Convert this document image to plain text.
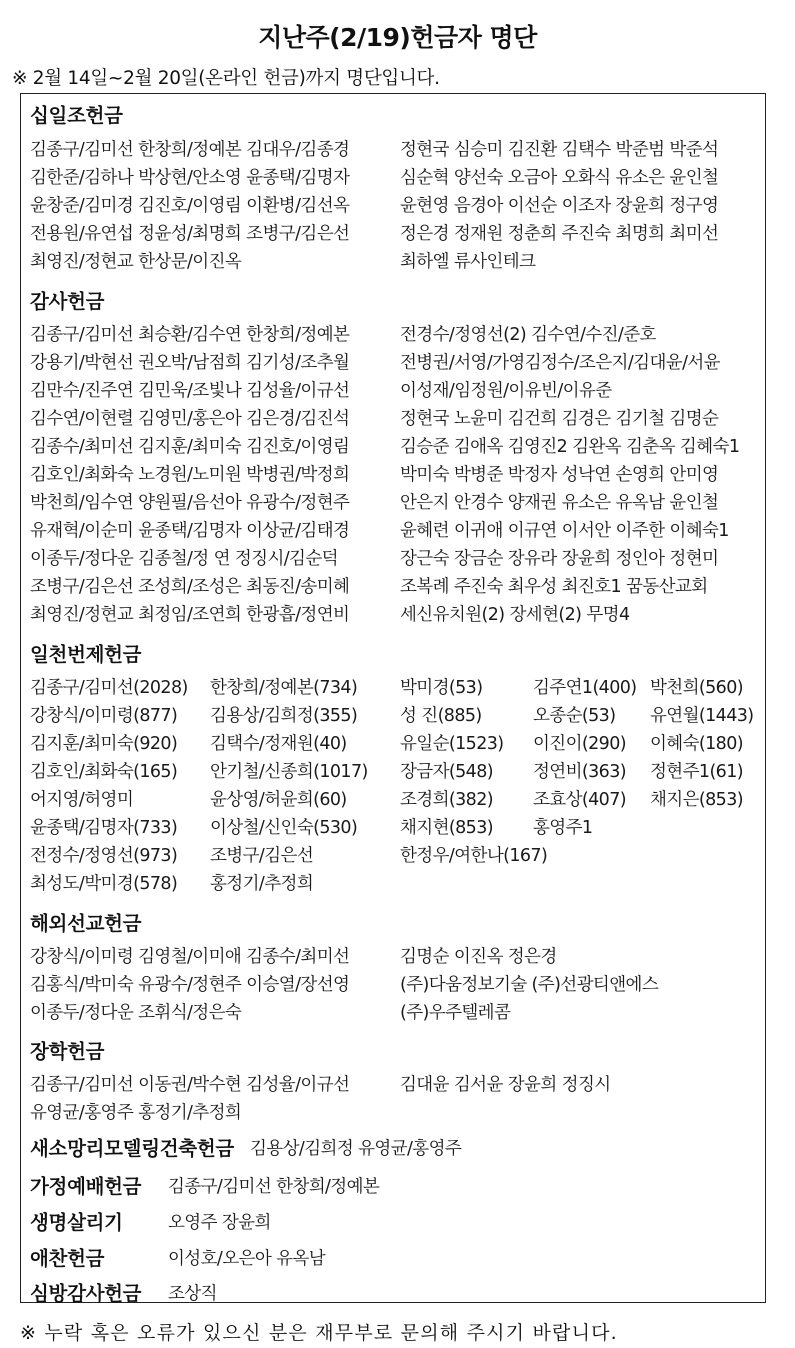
지난주(2/19)헌금자 명단
※ 2월 14일~2월 20일(온라인 헌금)까지 명단입니다.
십일조헌금
김종구/김미선 한창희/정예본 김대우/김종경	정현국 심승미 김진환 김택수 박준범 박준석
김한준/김하나 박상현/안소영 윤종택/김명자	심순혁 양선숙 오금아 오화식 유소은 윤인철
윤창준/김미경 김진호/이영림 이환병/김선옥	윤현영 음경아 이선순 이조자 장윤희 정구영
전용원/유연섭 정윤성/최명희 조병구/김은선	정은경 정재원 정춘희 주진숙 최명희 최미선
최영진/정현교 한상문/이진옥	최하엘 류사인테크
감사헌금
김종구/김미선 최승환/김수연 한창희/정예본	전경수/정영선(2) 김수연/수진/준호
강용기/박현선 권오박/남점희 김기성/조추월	전병권/서영/가영김정수/조은지/김대윤/서윤
김만수/진주연 김민욱/조빛나 김성율/이규선	이성재/임정원/이유빈/이유준
김수연/이현렬 김영민/홍은아 김은경/김진석	정현국 노윤미 김건희 김경은 김기철 김명순
김종수/최미선 김지훈/최미숙 김진호/이영림	김승준 김애옥 김영진2 김완옥 김춘옥 김혜숙1
김호인/최화숙 노경원/노미원 박병권/박정희	박미숙 박병준 박정자 성낙연 손영희 안미영
박천희/임수연 양원필/음선아 유광수/정현주	안은지 안경수 양재권 유소은 유옥남 윤인철
유재혁/이순미 윤종택/김명자 이상균/김태경	윤혜련 이귀애 이규연 이서안 이주한 이혜숙1
이종두/정다운 김종철/정 연 정징시/김순덕	장근숙 장금순 장유라 장윤희 정인아 정현미
조병구/김은선 조성희/조성은 최동진/송미혜	조복례 주진숙 최우성 최진호1 꿈동산교회
최영진/정현교 최정임/조연희 한광흡/정연비	세신유치원(2) 장세현(2) 무명4
일천번제헌금
김종구/김미선(2028) 한창희/정예본(734) 박미경(53)	김주연1(400) 박천희(560)
강창식/이미령(877) 김용상/김희정(355) 성 진(885)	오종순(53) 유연월(1443)
김지훈/최미숙(920) 김택수/정재원(40)	유일순(1523) 이진이(290) 이혜숙(180)
김호인/최화숙(165) 안기철/신종희(1017) 장금자(548) 정연비(363) 정현주1(61)
어지영/허영미	윤상영/허윤희(60)	조경희(382) 조효상(407) 채지은(853)
윤종택/김명자(733) 이상철/신인숙(530) 채지현(853) 홍영주1
전정수/정영선(973) 조병구/김은선	한정우/여한나(167)
최성도/박미경(578) 홍정기/추정희
해외선교헌금
강창식/이미령 김영철/이미애 김종수/최미선	김명순 이진옥 정은경
김홍식/박미숙 유광수/정현주 이승열/장선영	(주)다움정보기술 (주)선광티앤에스
이종두/정다운 조휘식/정은숙	(주)우주텔레콤
장학헌금
김종구/김미선 이동권/박수현 김성율/이규선	김대윤 김서윤 장윤희 정징시
유영균/홍영주 홍정기/추정희
새소망리모델링건축헌금 김용상/김희정 유영균/홍영주
가정예배헌금 김종구/김미선 한창희/정예본
생명살리기	오영주 장윤희
애찬헌금	이성호/오은아 유옥남
심방감사헌금 조상직
※ 누락 혹은 오류가 있으신 분은 재무부로 문의해 주시기 바랍니다.
